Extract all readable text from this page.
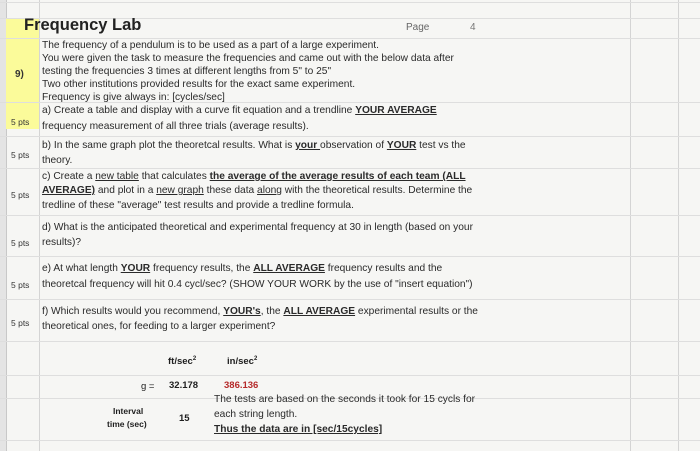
Frequency Lab	Page	4
9)
The frequency of a pendulum is to be used as a part of a large experiment.
You were given the task to measure the frequencies and came out with the below data after
testing the frequencies 3 times at different lengths from 5" to 25"
Two other institutions provided results for the exact same experiment.
Frequency is give always in: [cycles/sec]
5 pts
a) Create a table and display with a curve fit equation and a trendline YOUR AVERAGE
frequency measurement of all three trials (average results).
5 pts
b) In the same graph plot the theoretcal results. What is your observation of YOUR test vs the
theory.
5 pts
c) Create a new table that calculates the average of the average results of each team (ALL
AVERAGE) and plot in a new graph these data along with the theoretical results. Determine the
tredline of these "average" test results and provide a tredline formula.
5 pts
d) What is the anticipated theoretical and experimental frequency at 30 in length (based on your
results)?
5 pts
e) At what length YOUR frequency results, the ALL AVERAGE frequency results and the
theoretcal frequency will hit 0.4 cycl/sec? (SHOW YOUR WORK by the use of "insert equation")
5 pts
f) Which results would you recommend, YOUR's, the ALL AVERAGE experimental results or the
theoretical ones, for feeding to a larger experiment?
$ft/\sec^2$	$in/\sec^2$
g = 32.178	386.136
Interval
time (sec)	15
The tests are based on the seconds it took for 15 cycls for
each string length.
Thus the data are in [sec/15cycles]
